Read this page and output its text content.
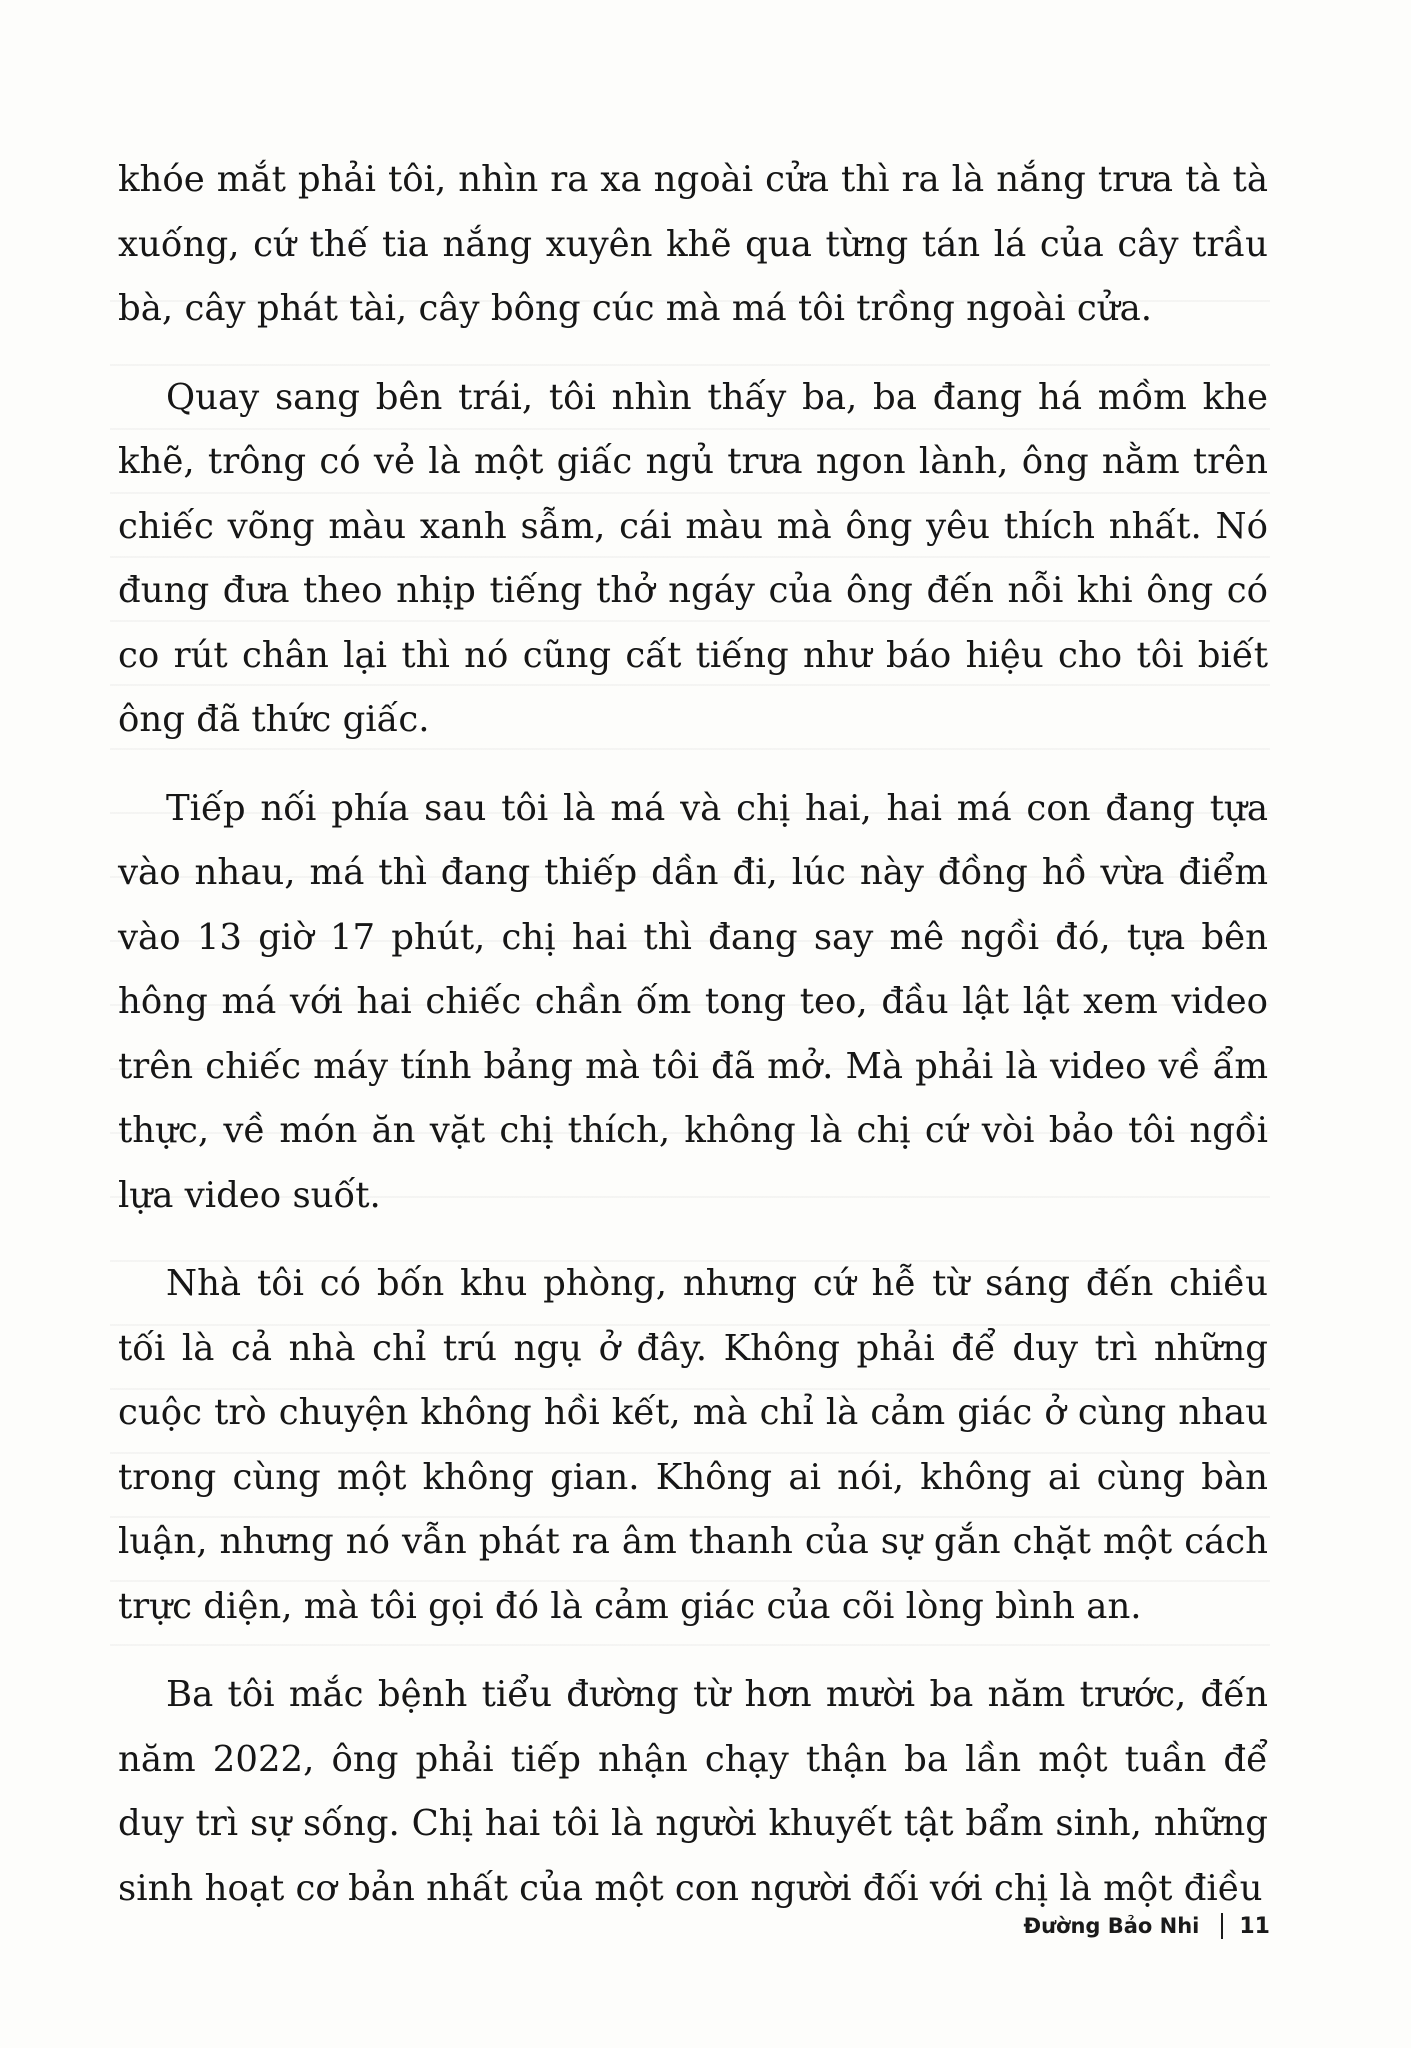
khóe mắt phải tôi, nhìn ra xa ngoài cửa thì ra là nắng trưa tà tà xuống, cứ thế tia nắng xuyên khẽ qua từng tán lá của cây trầu bà, cây phát tài, cây bông cúc mà má tôi trồng ngoài cửa.

Quay sang bên trái, tôi nhìn thấy ba, ba đang há mồm khe khẽ, trông có vẻ là một giấc ngủ trưa ngon lành, ông nằm trên chiếc võng màu xanh sẫm, cái màu mà ông yêu thích nhất. Nó đung đưa theo nhịp tiếng thở ngáy của ông đến nỗi khi ông có co rút chân lại thì nó cũng cất tiếng như báo hiệu cho tôi biết ông đã thức giấc.

Tiếp nối phía sau tôi là má và chị hai, hai má con đang tựa vào nhau, má thì đang thiếp dần đi, lúc này đồng hồ vừa điểm vào 13 giờ 17 phút, chị hai thì đang say mê ngồi đó, tựa bên hông má với hai chiếc chần ốm tong teo, đầu lật lật xem video trên chiếc máy tính bảng mà tôi đã mở. Mà phải là video về ẩm thực, về món ăn vặt chị thích, không là chị cứ vòi bảo tôi ngồi lựa video suốt.

Nhà tôi có bốn khu phòng, nhưng cứ hễ từ sáng đến chiều tối là cả nhà chỉ trú ngụ ở đây. Không phải để duy trì những cuộc trò chuyện không hồi kết, mà chỉ là cảm giác ở cùng nhau trong cùng một không gian. Không ai nói, không ai cùng bàn luận, nhưng nó vẫn phát ra âm thanh của sự gắn chặt một cách trực diện, mà tôi gọi đó là cảm giác của cõi lòng bình an.

Ba tôi mắc bệnh tiểu đường từ hơn mười ba năm trước, đến năm 2022, ông phải tiếp nhận chạy thận ba lần một tuần để duy trì sự sống. Chị hai tôi là người khuyết tật bẩm sinh, những sinh hoạt cơ bản nhất của một con người đối với chị là một điều

Đường Bảo Nhi 11
